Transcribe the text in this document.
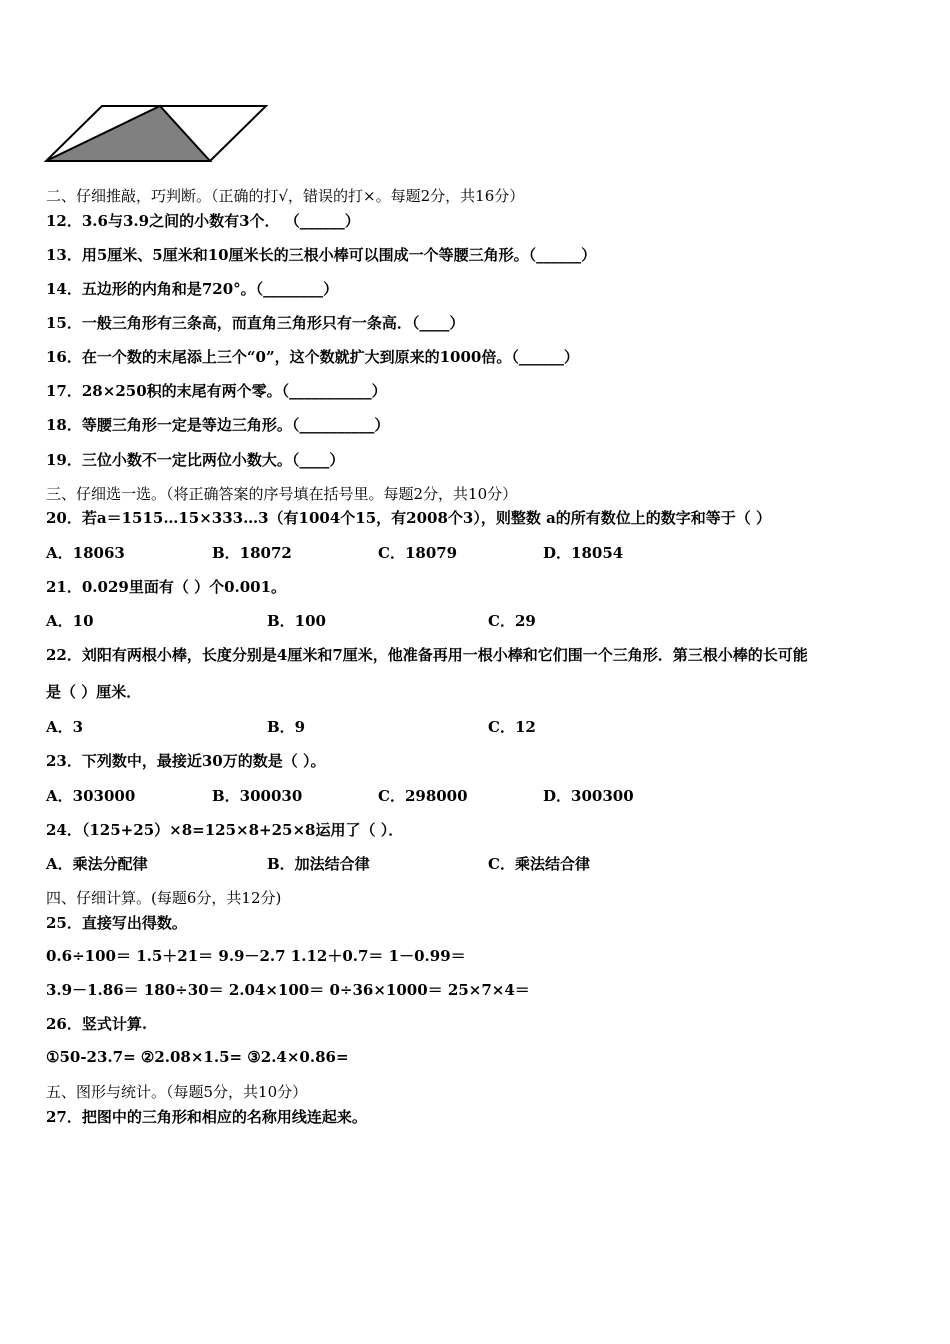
二、仔细推敲，巧判断。（正确的打√，错误的打×。每题2分，共16分）
12．3.6与3.9之间的小数有3个． （______）
13．用5厘米、5厘米和10厘米长的三根小棒可以围成一个等腰三角形。（______）
14．五边形的内角和是720°。（________）
15．一般三角形有三条高，而直角三角形只有一条高．（____）
16．在一个数的末尾添上三个“0”，这个数就扩大到原来的1000倍。（______）
17．28×250积的末尾有两个零。（___________）
18．等腰三角形一定是等边三角形。（__________）
19．三位小数不一定比两位小数大。（____）
三、仔细选一选。（将正确答案的序号填在括号里。每题2分，共10分）
20．若a＝1515…15×333…3（有1004个15，有2008个3），则整数 a的所有数位上的数字和等于（ ）
A．18063	B．18072	C．18079	D．18054
21．0.029里面有（ ）个0.001。
A．10	B．100	C．29
22．刘阳有两根小棒，长度分别是4厘米和7厘米，他准备再用一根小棒和它们围一个三角形．第三根小棒的长可能
是（ ）厘米．
A．3	B．9	C．12
23．下列数中，最接近30万的数是（ ）。
A．303000	B．300030	C．298000	D．300300
24．（125+25）×8=125×8+25×8运用了（ ）．
A．乘法分配律	B．加法结合律	C．乘法结合律
四、仔细计算。(每题6分，共12分)
25．直接写出得数。
0.6÷100＝ 1.5＋21＝ 9.9－2.7 1.12＋0.7＝ 1－0.99＝
3.9－1.86＝ 180÷30＝ 2.04×100＝ 0÷36×1000＝ 25×7×4＝
26．竖式计算.
①50-23.7= ②2.08×1.5= ③2.4×0.86=
五、图形与统计。（每题5分，共10分）
27．把图中的三角形和相应的名称用线连起来。
